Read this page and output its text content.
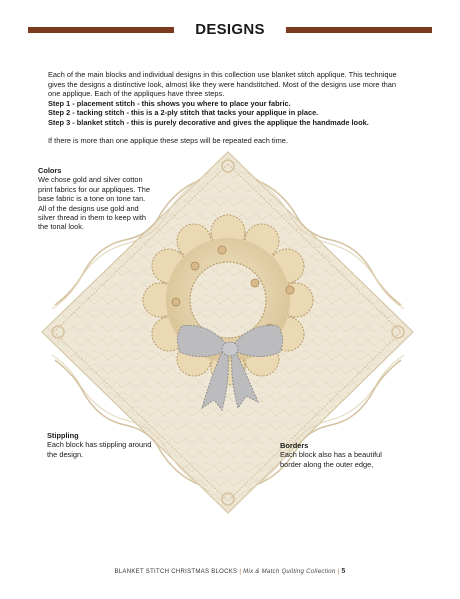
DESIGNS
Each of the main blocks and individual designs in this collection use blanket stitch applique. This technique
gives the designs a distinctive look, almost like they were handstitched. Most of the designs use more than
one applique. Each of the appliques have three steps.
Step 1 - placement stitch - this shows you where to place your fabric.
Step 2 - tacking stitch - this is a 2-ply stitch that tacks your applique in place.
Step 3 - blanket stitch - this is purely decorative and gives the applique the handmade look.
If there is more than one applique these steps will be repeated each time.
Colors
We chose gold and silver cotton
print fabrics for our appliques. The
base fabric is a tone on tone tan.
All of the designs use gold and
silver thread in them to keep with
the tonal look.
Stippling
Each block has stippling around
the design.
Borders
Each block also has a beautiful
border along the outer edge,
BLANKET STITCH CHRISTMAS BLOCKS | Mix & Match Quilting Collection | 5
